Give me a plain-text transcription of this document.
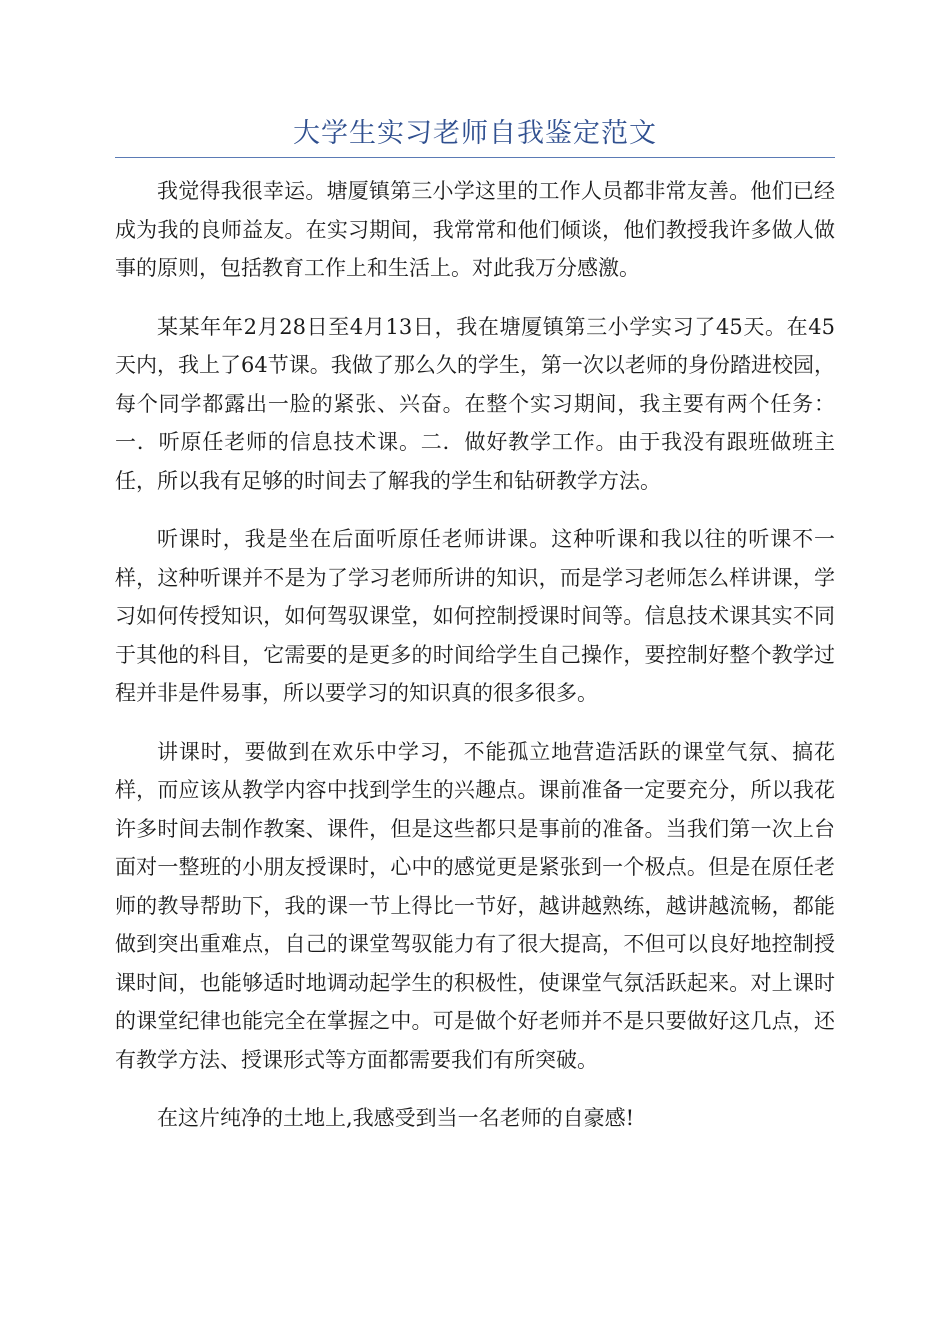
大学生实习老师自我鉴定范文

我觉得我很幸运。塘厦镇第三小学这里的工作人员都非常友善。他们已经成为我的良师益友。在实习期间，我常常和他们倾谈，他们教授我许多做人做事的原则，包括教育工作上和生活上。对此我万分感激。

某某年年2月28日至4月13日，我在塘厦镇第三小学实习了45天。在45天内，我上了64节课。我做了那么久的学生，第一次以老师的身份踏进校园，每个同学都露出一脸的紧张、兴奋。在整个实习期间，我主要有两个任务：一．听原任老师的信息技术课。二．做好教学工作。由于我没有跟班做班主任，所以我有足够的时间去了解我的学生和钻研教学方法。

听课时，我是坐在后面听原任老师讲课。这种听课和我以往的听课不一样，这种听课并不是为了学习老师所讲的知识，而是学习老师怎么样讲课，学习如何传授知识，如何驾驭课堂，如何控制授课时间等。信息技术课其实不同于其他的科目，它需要的是更多的时间给学生自己操作，要控制好整个教学过程并非是件易事，所以要学习的知识真的很多很多。

讲课时，要做到在欢乐中学习，不能孤立地营造活跃的课堂气氛、搞花样，而应该从教学内容中找到学生的兴趣点。课前准备一定要充分，所以我花许多时间去制作教案、课件，但是这些都只是事前的准备。当我们第一次上台面对一整班的小朋友授课时，心中的感觉更是紧张到一个极点。但是在原任老师的教导帮助下，我的课一节上得比一节好，越讲越熟练，越讲越流畅，都能做到突出重难点，自己的课堂驾驭能力有了很大提高，不但可以良好地控制授课时间，也能够适时地调动起学生的积极性，使课堂气氛活跃起来。对上课时的课堂纪律也能完全在掌握之中。可是做个好老师并不是只要做好这几点，还有教学方法、授课形式等方面都需要我们有所突破。

在这片纯净的土地上,我感受到当一名老师的自豪感!
